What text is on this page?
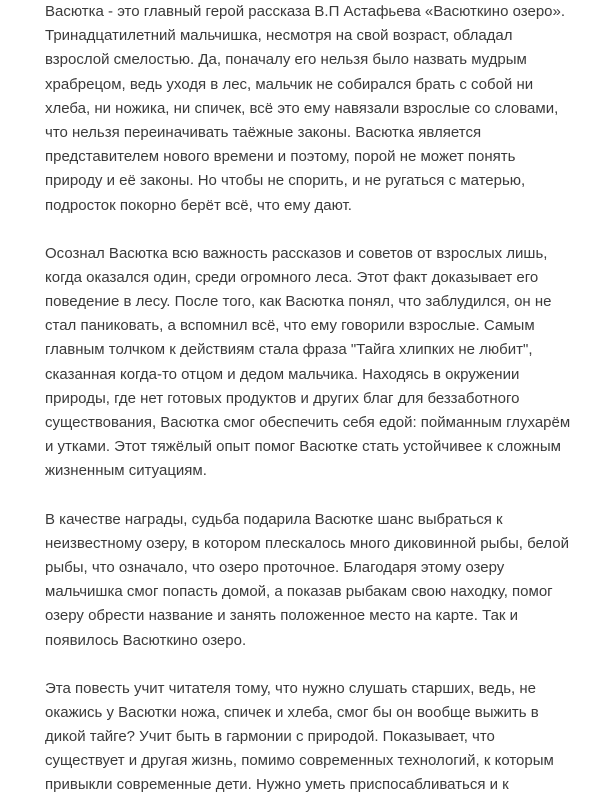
Васютка - это главный герой рассказа В.П Астафьева «Васюткино озеро».
Тринадцатилетний мальчишка, несмотря на свой возраст, обладал
взрослой смелостью. Да, поначалу его нельзя было назвать мудрым
храбрецом, ведь уходя в лес, мальчик не собирался брать с собой ни
хлеба, ни ножика, ни спичек, всё это ему навязали взрослые со словами,
что нельзя переиначивать таёжные законы. Васютка является
представителем нового времени и поэтому, порой не может понять
природу и её законы. Но чтобы не спорить, и не ругаться с матерью,
подросток покорно берёт всё, что ему дают.

Осознал Васютка всю важность рассказов и советов от взрослых лишь,
когда оказался один, среди огромного леса. Этот факт доказывает его
поведение в лесу. После того, как Васютка понял, что заблудился, он не
стал паниковать, а вспомнил всё, что ему говорили взрослые. Самым
главным толчком к действиям стала фраза "Тайга хлипких не любит",
сказанная когда-то отцом и дедом мальчика. Находясь в окружении
природы, где нет готовых продуктов и других благ для беззаботного
существования, Васютка смог обеспечить себя едой: пойманным глухарём
и утками. Этот тяжёлый опыт помог Васютке стать устойчивее к сложным
жизненным ситуациям.

В качестве награды, судьба подарила Васютке шанс выбраться к
неизвестному озеру, в котором плескалось много диковинной рыбы, белой
рыбы, что означало, что озеро проточное. Благодаря этому озеру
мальчишка смог попасть домой, а показав рыбакам свою находку, помог
озеру обрести название и занять положенное место на карте. Так и
появилось Васюткино озеро.

Эта повесть учит читателя тому, что нужно слушать старших, ведь, не
окажись у Васютки ножа, спичек и хлеба, смог бы он вообще выжить в
дикой тайге? Учит быть в гармонии с природой. Показывает, что
существует и другая жизнь, помимо современных технологий, к которым
привыкли современные дети. Нужно уметь приспосабливаться и к
